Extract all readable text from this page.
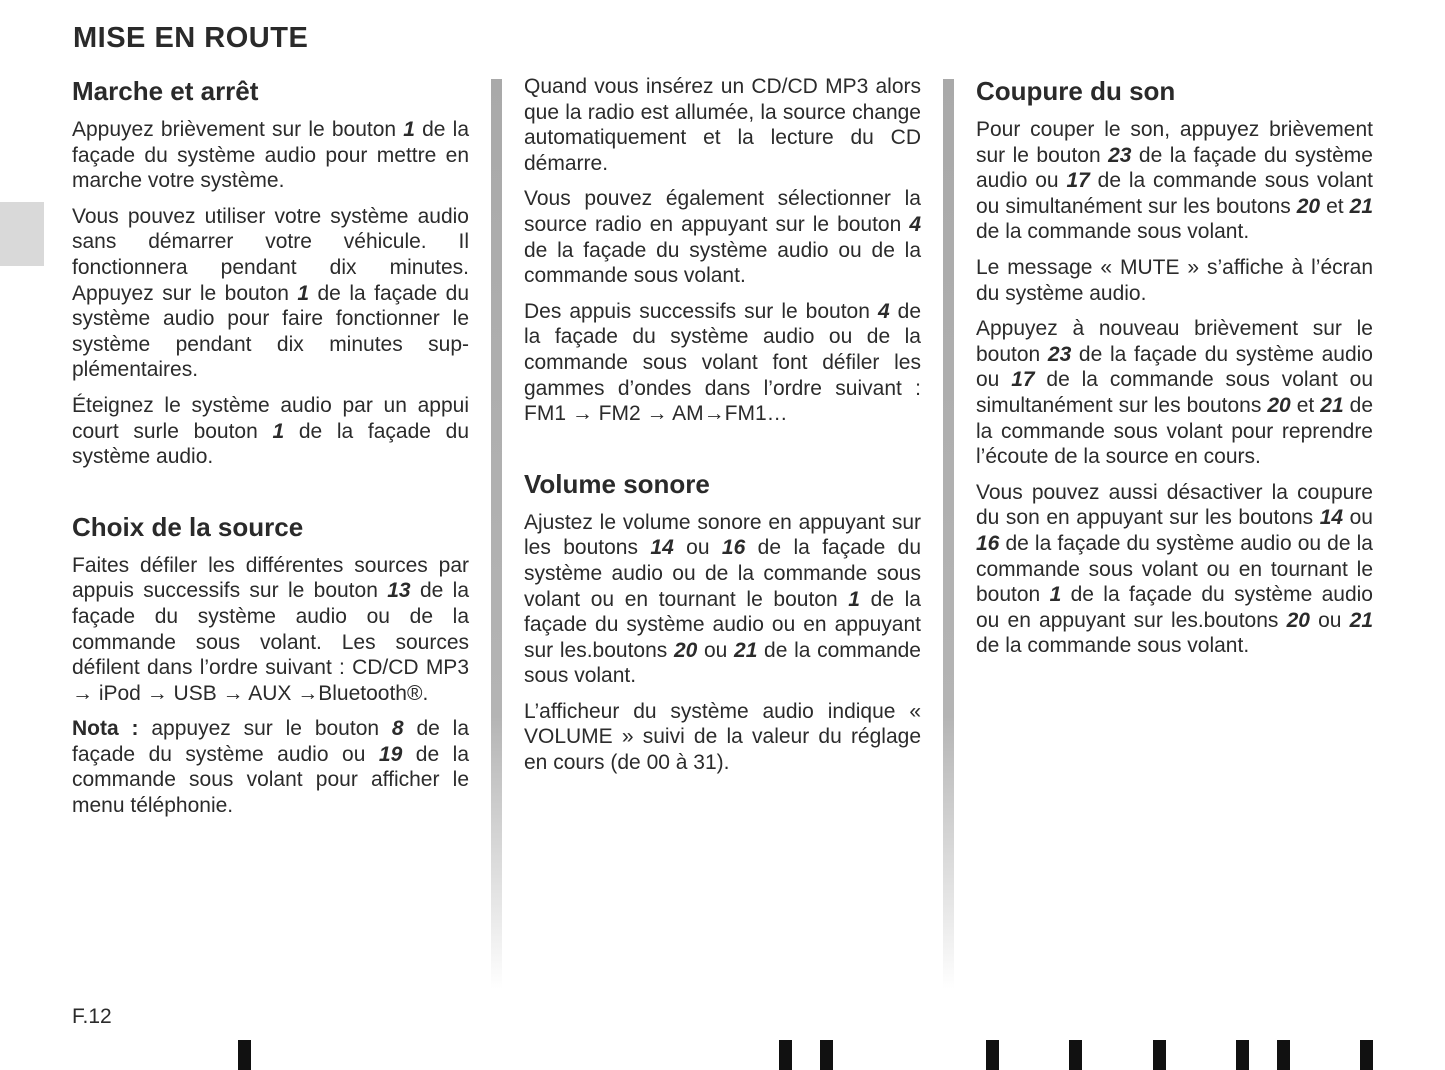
MISE EN ROUTE
Marche et arrêt

Appuyez brièvement sur le bouton 1 de la façade du système audio pour mettre en marche votre système.

Vous pouvez utiliser votre système audio sans démarrer votre véhicule. Il fonctionnera pendant dix minutes. Appuyez sur le bouton 1 de la façade du système audio pour faire fonctionner le système pendant dix minutes supplémentaires.

Éteignez le système audio par un appui court surle bouton 1 de la façade du système audio.

Choix de la source

Faites défiler les différentes sources par appuis successifs sur le bouton 13 de la façade du système audio ou de la commande sous volant. Les sources défilent dans l’ordre suivant : CD/CD MP3 → iPod → USB → AUX →Bluetooth®.

Nota : appuyez sur le bouton 8 de la façade du système audio ou 19 de la commande sous volant pour afficher le menu téléphonie.

Quand vous insérez un CD/CD MP3 alors que la radio est allumée, la source change automatiquement et la lecture du CD démarre.

Vous pouvez également sélectionner la source radio en appuyant sur le bouton 4 de la façade du système audio ou de la commande sous volant.

Des appuis successifs sur le bouton 4 de la façade du système audio ou de la commande sous volant font défiler les gammes d’ondes dans l’ordre suivant : FM1 → FM2 → AM→FM1…

Volume sonore

Ajustez le volume sonore en appuyant sur les boutons 14 ou 16 de la façade du système audio ou de la commande sous volant ou en tournant le bouton 1 de la façade du système audio ou en appuyant sur les.boutons 20 ou 21 de la commande sous volant.

L’afficheur du système audio indique « VOLUME » suivi de la valeur du réglage en cours (de 00 à 31).

Coupure du son

Pour couper le son, appuyez brièvement sur le bouton 23 de la façade du système audio ou 17 de la commande sous volant ou simultanément sur les boutons 20 et 21 de la commande sous volant.

Le message « MUTE » s’affiche à l’écran du système audio.

Appuyez à nouveau brièvement sur le bouton 23 de la façade du système audio ou 17 de la commande sous volant ou simultanément sur les boutons 20 et 21 de la commande sous volant pour reprendre l’écoute de la source en cours.

Vous pouvez aussi désactiver la coupure du son en appuyant sur les boutons 14 ou 16 de la façade du système audio ou de la commande sous volant ou en tournant le bouton 1 de la façade du système audio ou en appuyant sur les.boutons 20 ou 21 de la commande sous volant.

F.12
